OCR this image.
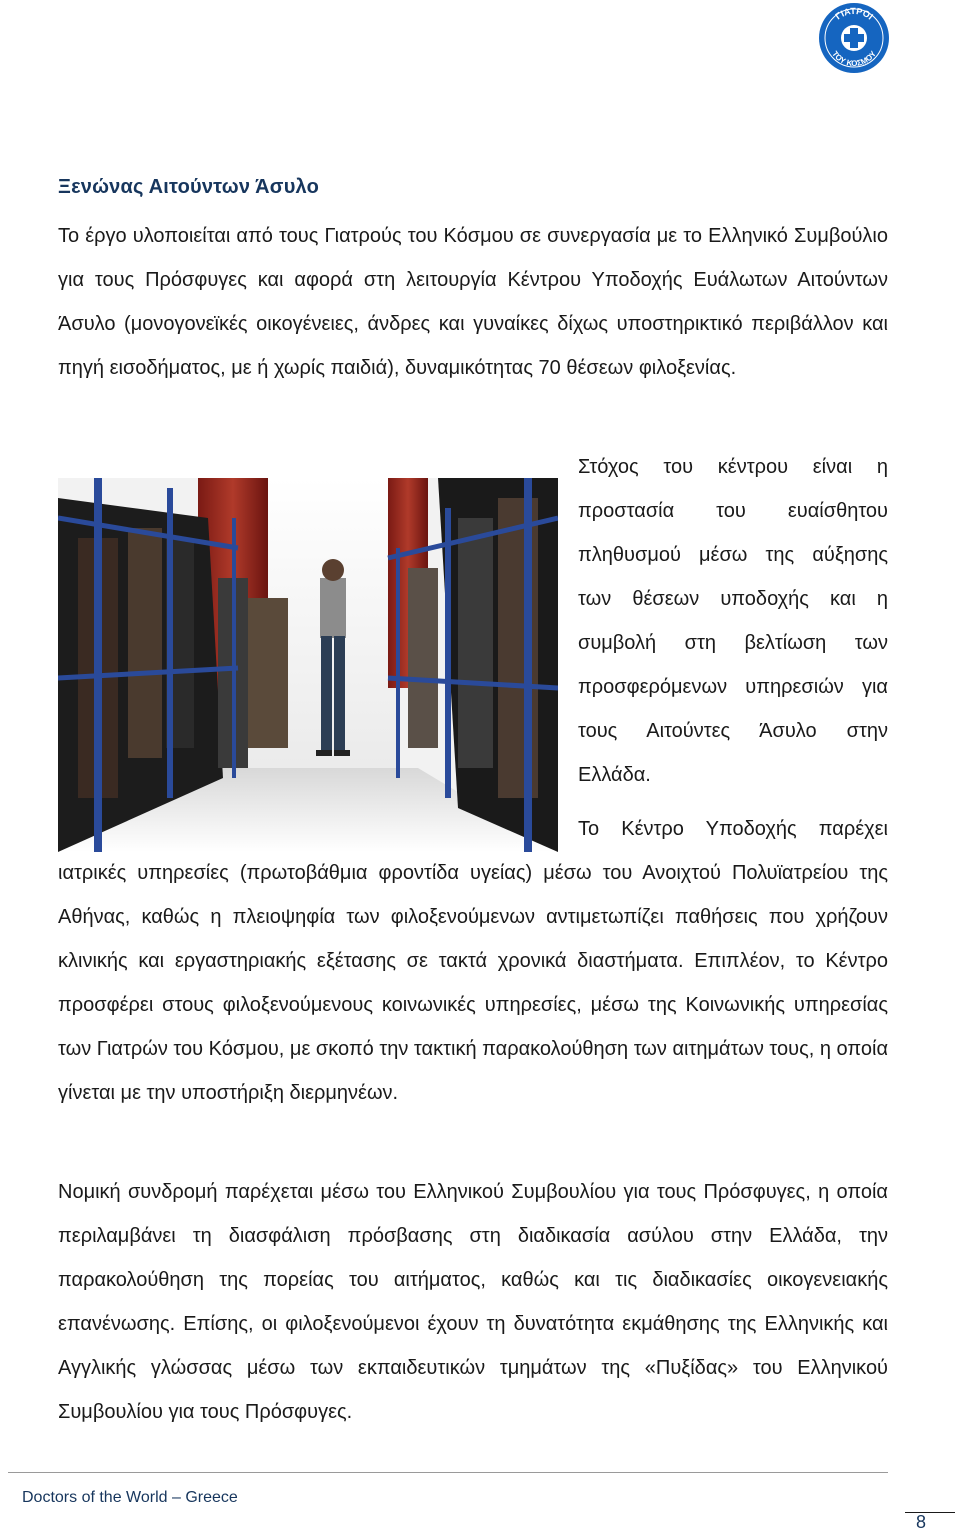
ΓΙΑΤΡΟΙ
ΤΟΥ ΚΟΣΜΟΥ
Ξενώνας Αιτούντων Άσυλο
Το έργο υλοποιείται από τους Γιατρούς του Κόσμου σε συνεργασία με το Ελληνικό Συμβούλιο για τους Πρόσφυγες και αφορά στη λειτουργία Κέντρου Υποδοχής Ευάλωτων Αιτούντων Άσυλο (μονογονεϊκές οικογένειες, άνδρες και γυναίκες δίχως υποστηρικτικό περιβάλλον και πηγή εισοδήματος, με ή χωρίς παιδιά), δυναμικότητας 70 θέσεων φιλοξενίας.
Στόχος του κέντρου είναι η προστασία του ευαίσθητου πληθυσμού μέσω της αύξησης των θέσεων υποδοχής και η συμβολή στη βελτίωση των προσφερόμενων υπηρεσιών για τους Αιτούντες Άσυλο στην Ελλάδα.
Το Κέντρο Υποδοχής παρέχει
ιατρικές υπηρεσίες (πρωτοβάθμια φροντίδα υγείας) μέσω του Ανοιχτού Πολυϊατρείου της Αθήνας, καθώς η πλειοψηφία των φιλοξενούμενων αντιμετωπίζει παθήσεις που χρήζουν κλινικής και εργαστηριακής εξέτασης σε τακτά χρονικά διαστήματα. Επιπλέον, το Κέντρο προσφέρει στους φιλοξενούμενους κοινωνικές υπηρεσίες, μέσω της Κοινωνικής υπηρεσίας των Γιατρών του Κόσμου, με σκοπό την τακτική παρακολούθηση των αιτημάτων τους, η οποία γίνεται με την υποστήριξη διερμηνέων.
Νομική συνδρομή παρέχεται μέσω του Ελληνικού Συμβουλίου για τους Πρόσφυγες, η οποία περιλαμβάνει τη διασφάλιση πρόσβασης στη διαδικασία ασύλου στην Ελλάδα, την παρακολούθηση της πορείας του αιτήματος, καθώς και τις διαδικασίες οικογενειακής επανένωσης. Επίσης, οι φιλοξενούμενοι έχουν τη δυνατότητα εκμάθησης της Ελληνικής και Αγγλικής γλώσσας μέσω των εκπαιδευτικών τμημάτων της «Πυξίδας» του Ελληνικού Συμβουλίου για τους Πρόσφυγες.
Doctors of the World – Greece
8
